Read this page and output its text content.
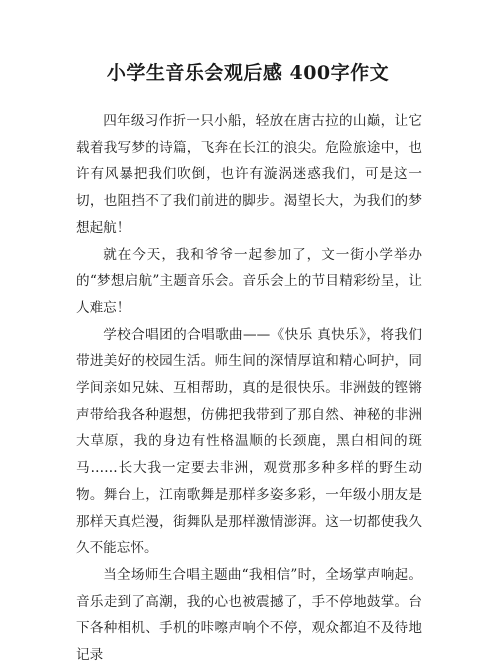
小学生音乐会观后感 400字作文

四年级习作折一只小船，轻放在唐古拉的山巅，让它载着我写梦的诗篇，飞奔在长江的浪尖。危险旅途中，也许有风暴把我们吹倒，也许有漩涡迷惑我们，可是这一切，也阻挡不了我们前进的脚步。渴望长大，为我们的梦想起航！

就在今天，我和爷爷一起参加了，文一街小学举办的“梦想启航”主题音乐会。音乐会上的节目精彩纷呈，让人难忘！

学校合唱团的合唱歌曲——《快乐 真快乐》，将我们带进美好的校园生活。师生间的深情厚谊和精心呵护，同学间亲如兄妹、互相帮助，真的是很快乐。非洲鼓的铿锵声带给我各种遐想，仿佛把我带到了那自然、神秘的非洲大草原，我的身边有性格温顺的长颈鹿，黑白相间的斑马……长大我一定要去非洲，观赏那多种多样的野生动物。舞台上，江南歌舞是那样多姿多彩，一年级小朋友是那样天真烂漫，街舞队是那样激情澎湃。这一切都使我久久不能忘怀。

当全场师生合唱主题曲“我相信”时，全场掌声响起。音乐走到了高潮，我的心也被震撼了，手不停地鼓掌。台下各种相机、手机的咔嚓声响个不停，观众都迫不及待地记录
